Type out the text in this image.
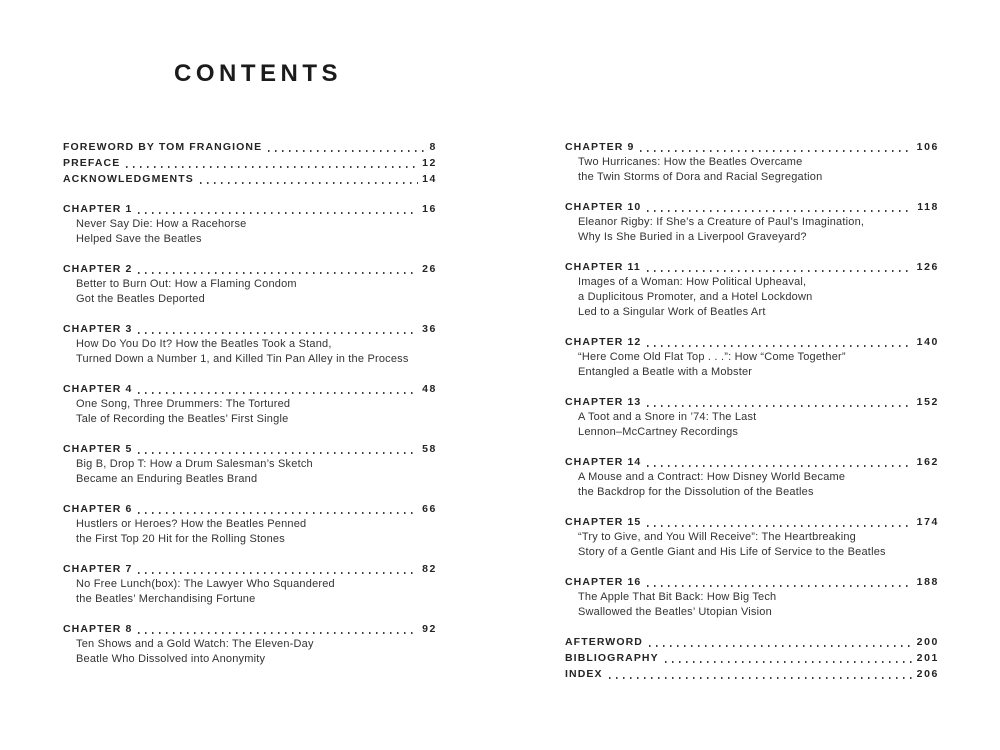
CONTENTS
FOREWORD BY TOM FRANGIONE	8
PREFACE	12
ACKNOWLEDGMENTS	14
CHAPTER 1	16
Never Say Die: How a Racehorse
Helped Save the Beatles
CHAPTER 2	26
Better to Burn Out: How a Flaming Condom
Got the Beatles Deported
CHAPTER 3	36
How Do You Do It? How the Beatles Took a Stand,
Turned Down a Number 1, and Killed Tin Pan Alley in the Process
CHAPTER 4	48
One Song, Three Drummers: The Tortured
Tale of Recording the Beatles’ First Single
CHAPTER 5	58
Big B, Drop T: How a Drum Salesman’s Sketch
Became an Enduring Beatles Brand
CHAPTER 6	66
Hustlers or Heroes? How the Beatles Penned
the First Top 20 Hit for the Rolling Stones
CHAPTER 7	82
No Free Lunch(box): The Lawyer Who Squandered
the Beatles’ Merchandising Fortune
CHAPTER 8	92
Ten Shows and a Gold Watch: The Eleven-Day
Beatle Who Dissolved into Anonymity
CHAPTER 9	106
Two Hurricanes: How the Beatles Overcame
the Twin Storms of Dora and Racial Segregation
CHAPTER 10	118
Eleanor Rigby: If She’s a Creature of Paul’s Imagination,
Why Is She Buried in a Liverpool Graveyard?
CHAPTER 11	126
Images of a Woman: How Political Upheaval,
a Duplicitous Promoter, and a Hotel Lockdown
Led to a Singular Work of Beatles Art
CHAPTER 12	140
“Here Come Old Flat Top . . .”: How “Come Together”
Entangled a Beatle with a Mobster
CHAPTER 13	152
A Toot and a Snore in ’74: The Last
Lennon–McCartney Recordings
CHAPTER 14	162
A Mouse and a Contract: How Disney World Became
the Backdrop for the Dissolution of the Beatles
CHAPTER 15	174
“Try to Give, and You Will Receive”: The Heartbreaking
Story of a Gentle Giant and His Life of Service to the Beatles
CHAPTER 16	188
The Apple That Bit Back: How Big Tech
Swallowed the Beatles’ Utopian Vision
AFTERWORD	200
BIBLIOGRAPHY	201
INDEX	206
